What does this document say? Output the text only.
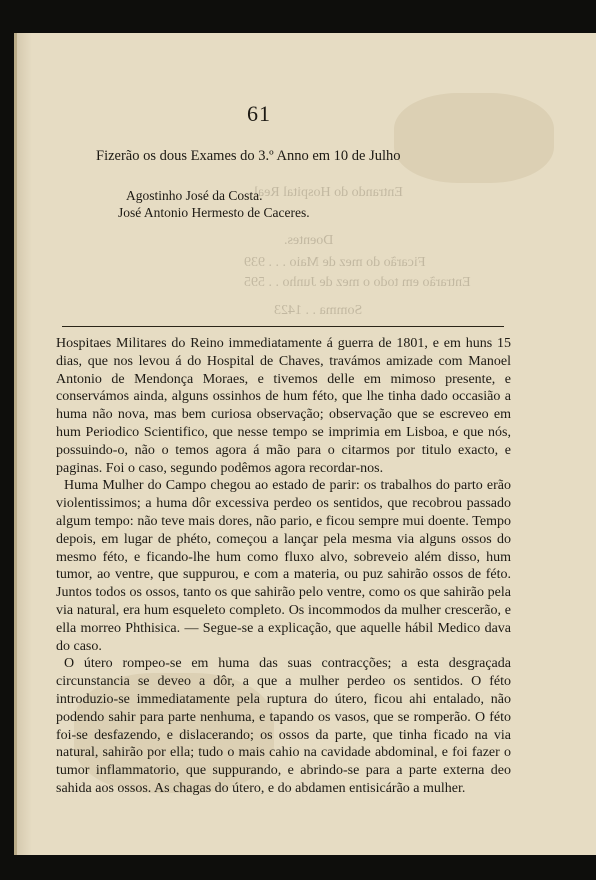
Entrando do Hospital Real
Doentes.
Ficarão do mez de Maio . . . 939
Entrarão em todo o mez de Junho . . 595
Somma . . 1423
61
Fizerão os dous Exames do 3.º Anno em 10 de Julho
Agostinho José da Costa.
José Antonio Hermesto de Caceres.

Hospitaes Militares do Reino immediatamente á guerra de 1801, e em huns 15 dias, que nos levou á do Hospital de Chaves, travámos amizade com Manoel Antonio de Mendonça Moraes, e tivemos delle em mimoso presente, e conservámos ainda, alguns ossinhos de hum féto, que lhe tinha dado occasião a huma não nova, mas bem curiosa observação; observação que se escreveo em hum Periodico Scientifico, que nesse tempo se imprimia em Lisboa, e que nós, possuindo-o, não o temos agora á mão para o citarmos por titulo exacto, e paginas. Foi o caso, segundo podêmos agora recordar-nos.

Huma Mulher do Campo chegou ao estado de parir: os trabalhos do parto erão violentissimos; a huma dôr excessiva perdeo os sentidos, que recobrou passado algum tempo: não teve mais dores, não pario, e ficou sempre mui doente. Tempo depois, em lugar de phéto, começou a lançar pela mesma via alguns ossos do mesmo féto, e ficando-lhe hum como fluxo alvo, sobreveio além disso, hum tumor, ao ventre, que suppurou, e com a materia, ou puz sahirão ossos de féto. Juntos todos os ossos, tanto os que sahirão pelo ventre, como os que sahirão pela via natural, era hum esqueleto completo. Os incommodos da mulher crescerão, e ella morreo Phthisica. — Segue-se a explicação, que aquelle hábil Medico dava do caso.

O útero rompeo-se em huma das suas contracções; a esta desgraçada circunstancia se deveo a dôr, a que a mulher perdeo os sentidos. O féto introduzio-se immediatamente pela ruptura do útero, ficou ahi entalado, não podendo sahir para parte nenhuma, e tapando os vasos, que se romperão. O féto foi-se desfazendo, e dislacerando; os ossos da parte, que tinha ficado na via natural, sahirão por ella; tudo o mais cahio na cavidade abdominal, e foi fazer o tumor inflammatorio, que suppurando, e abrindo-se para a parte externa deo sahida aos ossos. As chagas do útero, e do abdamen entisicárão a mulher.
